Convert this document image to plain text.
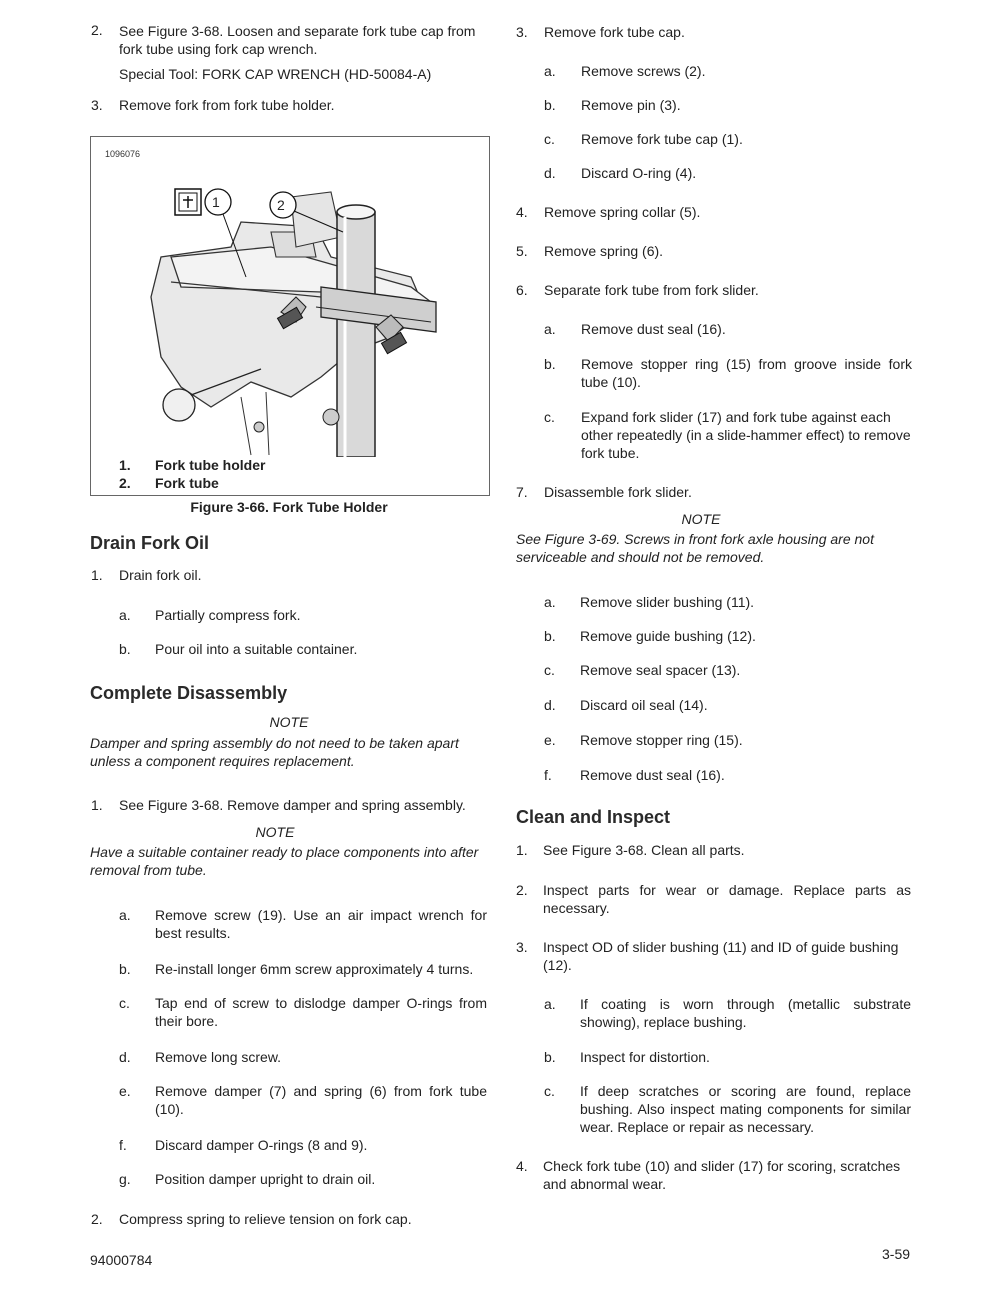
2. See Figure 3-68. Loosen and separate fork tube cap from fork tube using fork cap wrench.
Special Tool: FORK CAP WRENCH (HD-50084-A)
3. Remove fork from fork tube holder.
1096076
1	2
1. Fork tube holder
2. Fork tube
Figure 3-66. Fork Tube Holder
Drain Fork Oil
1. Drain fork oil.
a. Partially compress fork.
b. Pour oil into a suitable container.
Complete Disassembly
NOTE
Damper and spring assembly do not need to be taken apart unless a component requires replacement.
1. See Figure 3-68. Remove damper and spring assembly.
NOTE
Have a suitable container ready to place components into after removal from tube.
a. Remove screw (19). Use an air impact wrench for best results.
b. Re-install longer 6mm screw approximately 4 turns.
c. Tap end of screw to dislodge damper O-rings from their bore.
d. Remove long screw.
e. Remove damper (7) and spring (6) from fork tube (10).
f. Discard damper O-rings (8 and 9).
g. Position damper upright to drain oil.
2. Compress spring to relieve tension on fork cap.
3. Remove fork tube cap.
a. Remove screws (2).
b. Remove pin (3).
c. Remove fork tube cap (1).
d. Discard O-ring (4).
4. Remove spring collar (5).
5. Remove spring (6).
6. Separate fork tube from fork slider.
a. Remove dust seal (16).
b. Remove stopper ring (15) from groove inside fork tube (10).
c. Expand fork slider (17) and fork tube against each other repeatedly (in a slide-hammer effect) to remove fork tube.
7. Disassemble fork slider.
NOTE
See Figure 3-69. Screws in front fork axle housing are not serviceable and should not be removed.
a. Remove slider bushing (11).
b. Remove guide bushing (12).
c. Remove seal spacer (13).
d. Discard oil seal (14).
e. Remove stopper ring (15).
f. Remove dust seal (16).
Clean and Inspect
1. See Figure 3-68. Clean all parts.
2. Inspect parts for wear or damage. Replace parts as necessary.
3. Inspect OD of slider bushing (11) and ID of guide bushing (12).
a. If coating is worn through (metallic substrate showing), replace bushing.
b. Inspect for distortion.
c. If deep scratches or scoring are found, replace bushing. Also inspect mating components for similar wear. Replace or repair as necessary.
4. Check fork tube (10) and slider (17) for scoring, scratches and abnormal wear.
94000784	3-59
